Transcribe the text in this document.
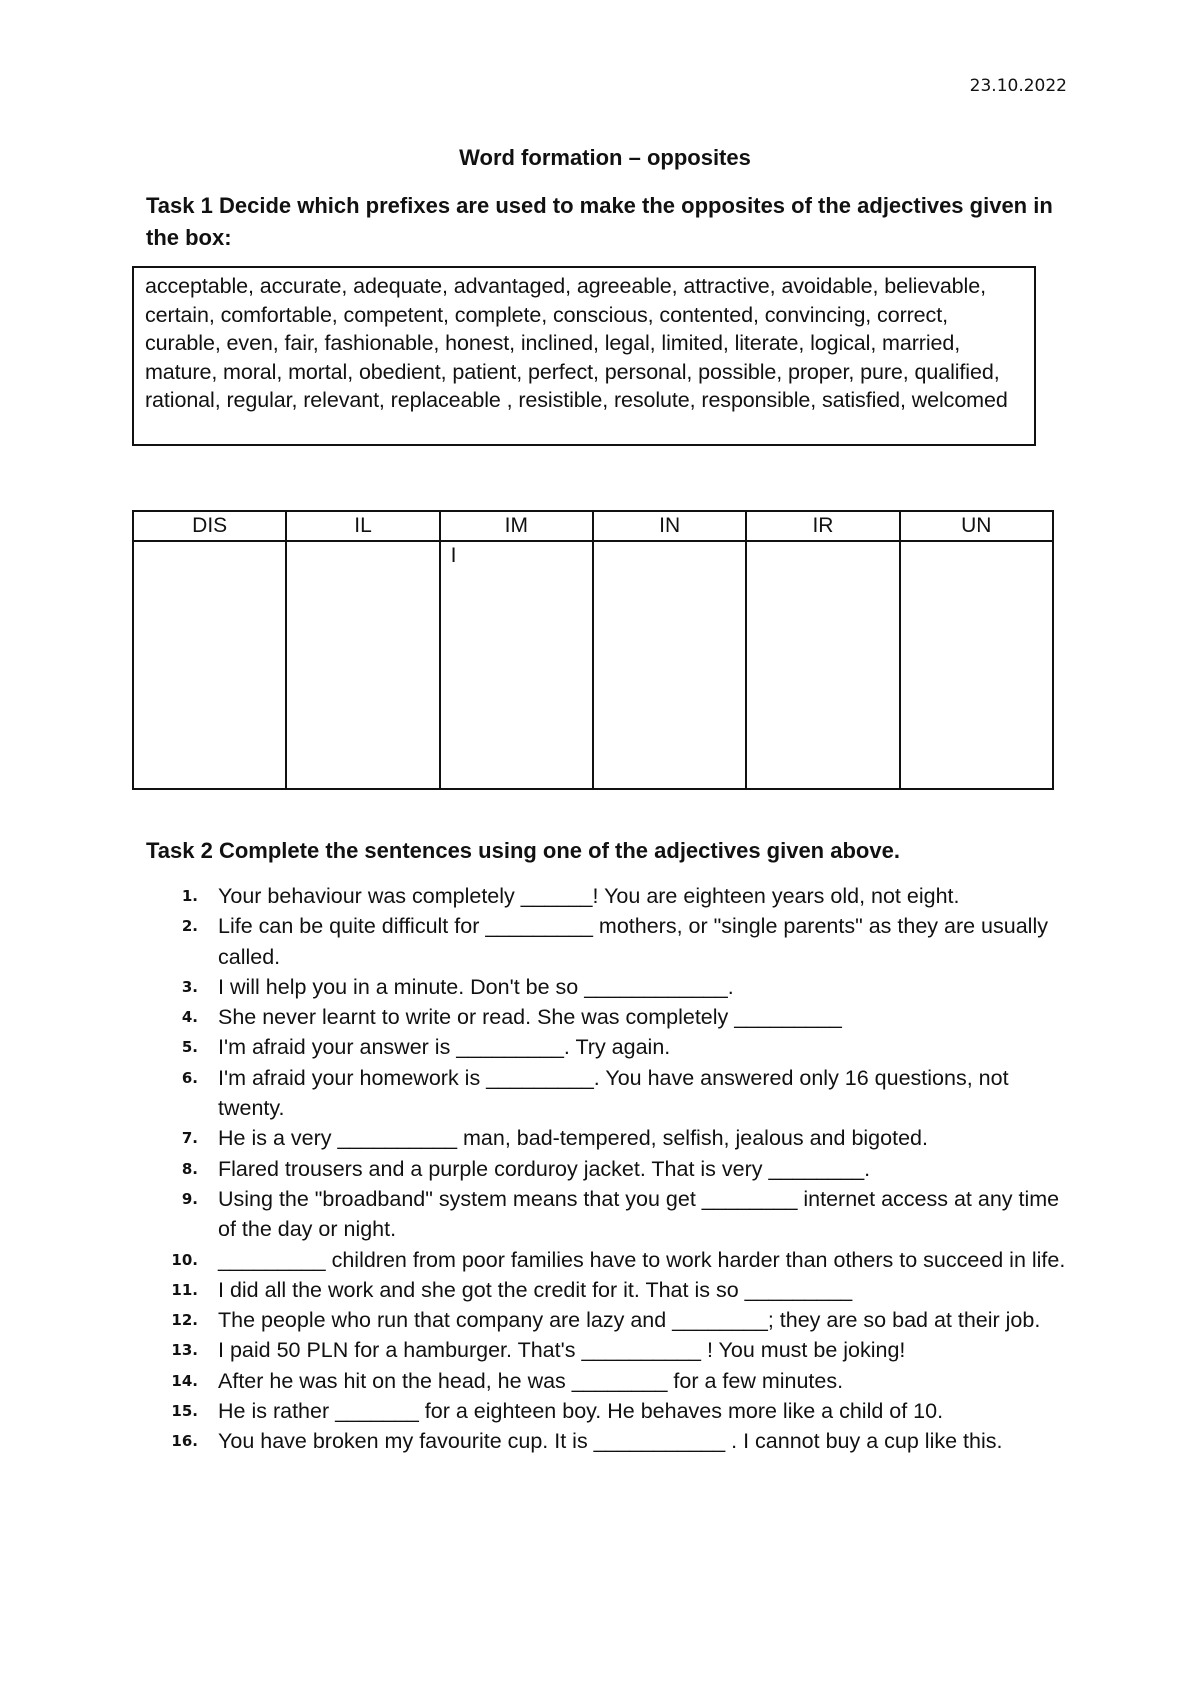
23.10.2022
Word formation – opposites
Task 1 Decide which prefixes are used to make the opposites of the adjectives given in the box:
acceptable, accurate, adequate, advantaged, agreeable, attractive, avoidable, believable, certain, comfortable, competent, complete, conscious, contented, convincing, correct, curable, even, fair, fashionable, honest, inclined, legal, limited, literate, logical, married, mature, moral, mortal, obedient, patient, perfect, personal, possible, proper, pure, qualified, rational, regular, relevant, replaceable , resistible, resolute, responsible, satisfied, welcomed
DIS	IL	IM	IN	IR	UN
		I			
Task 2 Complete the sentences using one of the adjectives given above.
1. Your behaviour was completely ______! You are eighteen years old, not eight.
2. Life can be quite difficult for _________ mothers, or "single parents" as they are usually called.
3. I will help you in a minute. Don't be so ____________.
4. She never learnt to write or read. She was completely _________
5. I'm afraid your answer is _________. Try again.
6. I'm afraid your homework is _________. You have answered only 16 questions, not twenty.
7. He is a very __________ man, bad-tempered, selfish, jealous and bigoted.
8. Flared trousers and a purple corduroy jacket. That is very ________.
9. Using the "broadband" system means that you get ________ internet access at any time of the day or night.
10. _________ children from poor families have to work harder than others to succeed in life.
11. I did all the work and she got the credit for it. That is so _________
12. The people who run that company are lazy and ________; they are so bad at their job.
13. I paid 50 PLN for a hamburger. That's __________ ! You must be joking!
14. After he was hit on the head, he was ________ for a few minutes.
15. He is rather _______ for a eighteen boy. He behaves more like a child of 10.
16. You have broken my favourite cup. It is ___________ . I cannot buy a cup like this.
